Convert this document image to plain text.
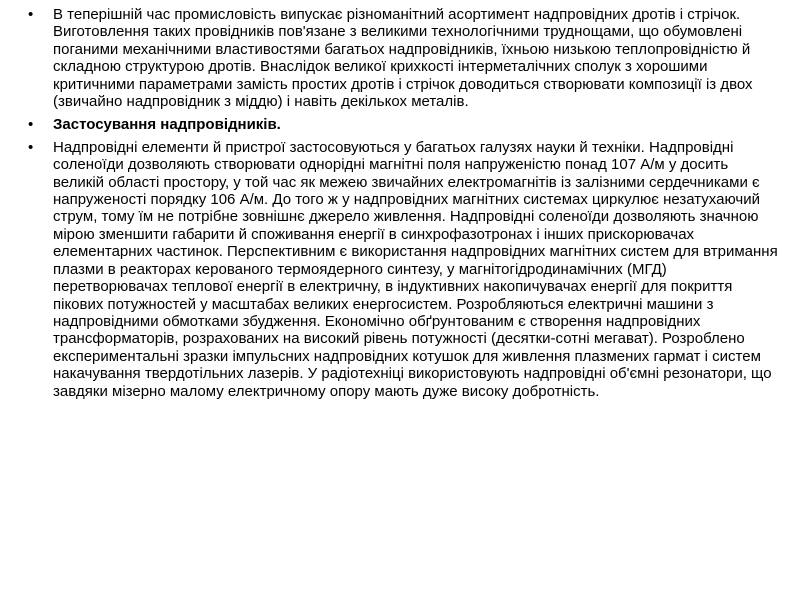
• В теперішній час промисловість випускає різноманітний асортимент надпровідних дротів і стрічок. Виготовлення таких провідників пов'язане з великими технологічними труднощами, що обумовлені поганими механічними властивостями багатьох надпровідників, їхньою низькою теплопровідністю й складною структурою дротів. Внаслідок великої крихкості інтерметалічних сполук з хорошими критичними параметрами замість простих дротів і стрічок доводиться створювати композиції із двох (звичайно надпровідник з міддю) і навіть декількох металів.
• Застосування надпровідників.
• Надпровідні елементи й пристрої застосовуються у багатьох галузях науки й техніки. Надпровідні соленоїди дозволяють створювати однорідні магнітні поля напруженістю понад 107 А/м у досить великій області простору, у той час як межею звичайних електромагнітів із залізними сердечниками є напруженості порядку 106 А/м. До того ж у надпровідних магнітних системах циркулює незатухаючий струм, тому їм не потрібне зовнішнє джерело живлення. Надпровідні соленоїди дозволяють значною мірою зменшити габарити й споживання енергії в синхрофазотронах і інших прискорювачах елементарних частинок. Перспективним є використання надпровідних магнітних систем для втримання плазми в реакторах керованого термоядерного синтезу, у магнітогідродинамічних (МГД) перетворювачах теплової енергії в електричну, в індуктивних накопичувачах енергії для покриття пікових потужностей у масштабах великих енергосистем. Розробляються електричні машини з надпровідними обмотками збудження. Економічно обґрунтованим є створення надпровідних трансформаторів, розрахованих на високий рівень потужності (десятки-сотні мегават). Розроблено експериментальні зразки імпульсних надпровідних котушок для живлення плазмених гармат і систем накачування твердотільних лазерів. У радіотехніці використовують надпровідні об'ємні резонатори, що завдяки мізерно малому електричному опору мають дуже високу добротність.
